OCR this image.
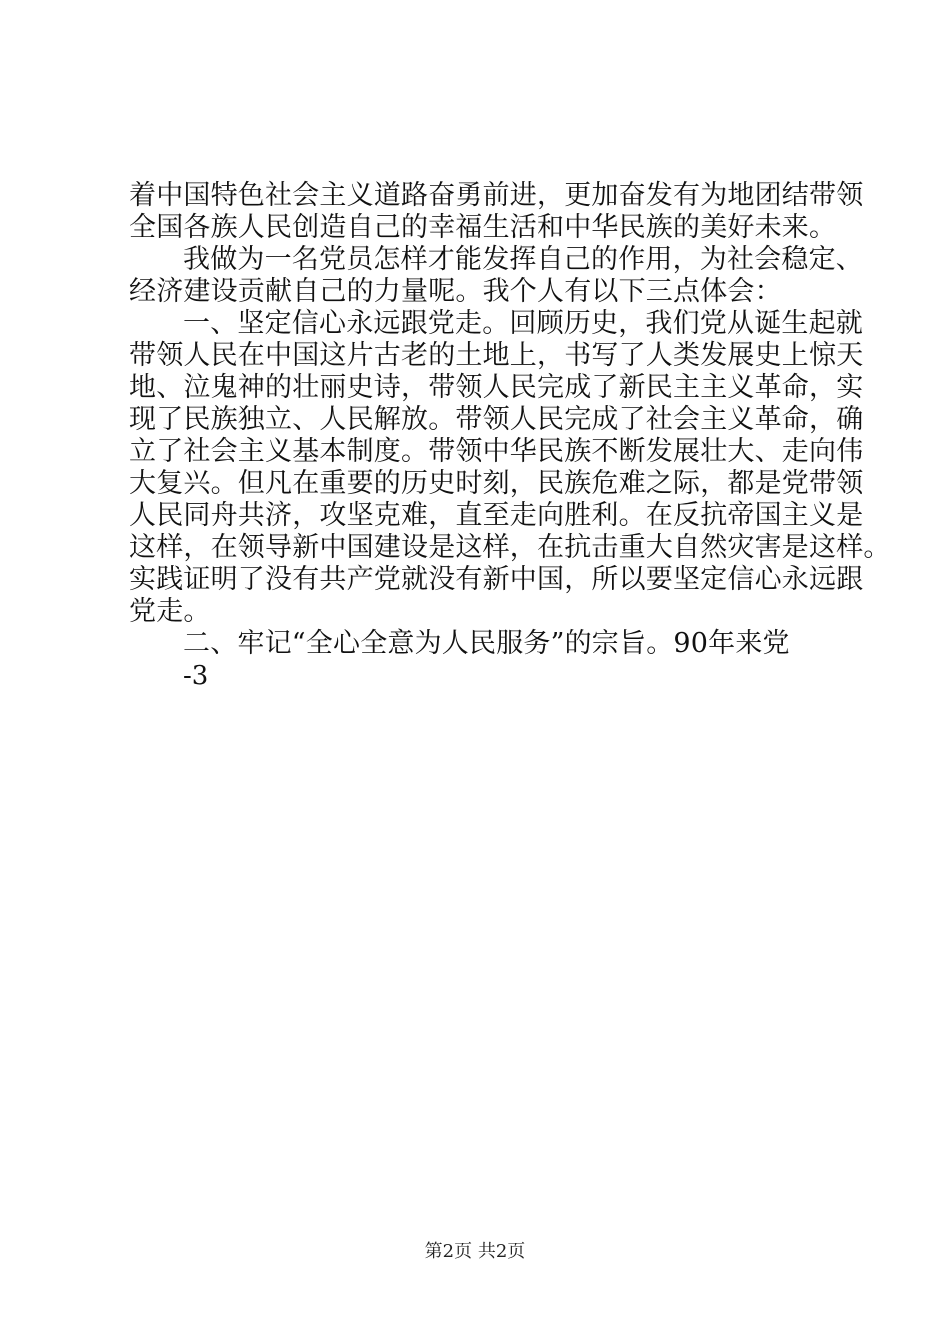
着中国特色社会主义道路奋勇前进，更加奋发有为地团结带领
全国各族人民创造自己的幸福生活和中华民族的美好未来。
我做为一名党员怎样才能发挥自己的作用，为社会稳定、
经济建设贡献自己的力量呢。我个人有以下三点体会：
一、坚定信心永远跟党走。回顾历史，我们党从诞生起就
带领人民在中国这片古老的土地上，书写了人类发展史上惊天
地、泣鬼神的壮丽史诗，带领人民完成了新民主主义革命，实
现了民族独立、人民解放。带领人民完成了社会主义革命，确
立了社会主义基本制度。带领中华民族不断发展壮大、走向伟
大复兴。但凡在重要的历史时刻，民族危难之际，都是党带领
人民同舟共济，攻坚克难，直至走向胜利。在反抗帝国主义是
这样，在领导新中国建设是这样，在抗击重大自然灾害是这样。
实践证明了没有共产党就没有新中国，所以要坚定信心永远跟
党走。
二、牢记“全心全意为人民服务”的宗旨。90年来党
-3
第2页 共2页
